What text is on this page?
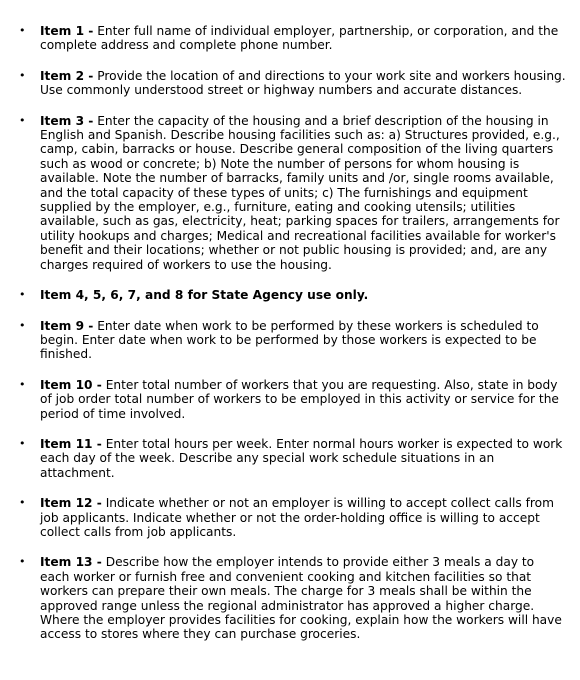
• Item 1 - Enter full name of individual employer, partnership, or corporation, and the complete address and complete phone number.
• Item 2 - Provide the location of and directions to your work site and workers housing. Use commonly understood street or highway numbers and accurate distances.
• Item 3 - Enter the capacity of the housing and a brief description of the housing in English and Spanish. Describe housing facilities such as: a) Structures provided, e.g., camp, cabin, barracks or house. Describe general composition of the living quarters such as wood or concrete; b) Note the number of persons for whom housing is available. Note the number of barracks, family units and /or, single rooms available, and the total capacity of these types of units; c) The furnishings and equipment supplied by the employer, e.g., furniture, eating and cooking utensils; utilities available, such as gas, electricity, heat; parking spaces for trailers, arrangements for utility hookups and charges; Medical and recreational facilities available for worker's benefit and their locations; whether or not public housing is provided; and, are any charges required of workers to use the housing.
• Item 4, 5, 6, 7, and 8 for State Agency use only.
• Item 9 - Enter date when work to be performed by these workers is scheduled to begin. Enter date when work to be performed by those workers is expected to be finished.
• Item 10 - Enter total number of workers that you are requesting. Also, state in body of job order total number of workers to be employed in this activity or service for the period of time involved.
• Item 11 - Enter total hours per week. Enter normal hours worker is expected to work each day of the week. Describe any special work schedule situations in an attachment.
• Item 12 - Indicate whether or not an employer is willing to accept collect calls from job applicants. Indicate whether or not the order-holding office is willing to accept collect calls from job applicants.
• Item 13 - Describe how the employer intends to provide either 3 meals a day to each worker or furnish free and convenient cooking and kitchen facilities so that workers can prepare their own meals. The charge for 3 meals shall be within the approved range unless the regional administrator has approved a higher charge. Where the employer provides facilities for cooking, explain how the workers will have access to stores where they can purchase groceries.
